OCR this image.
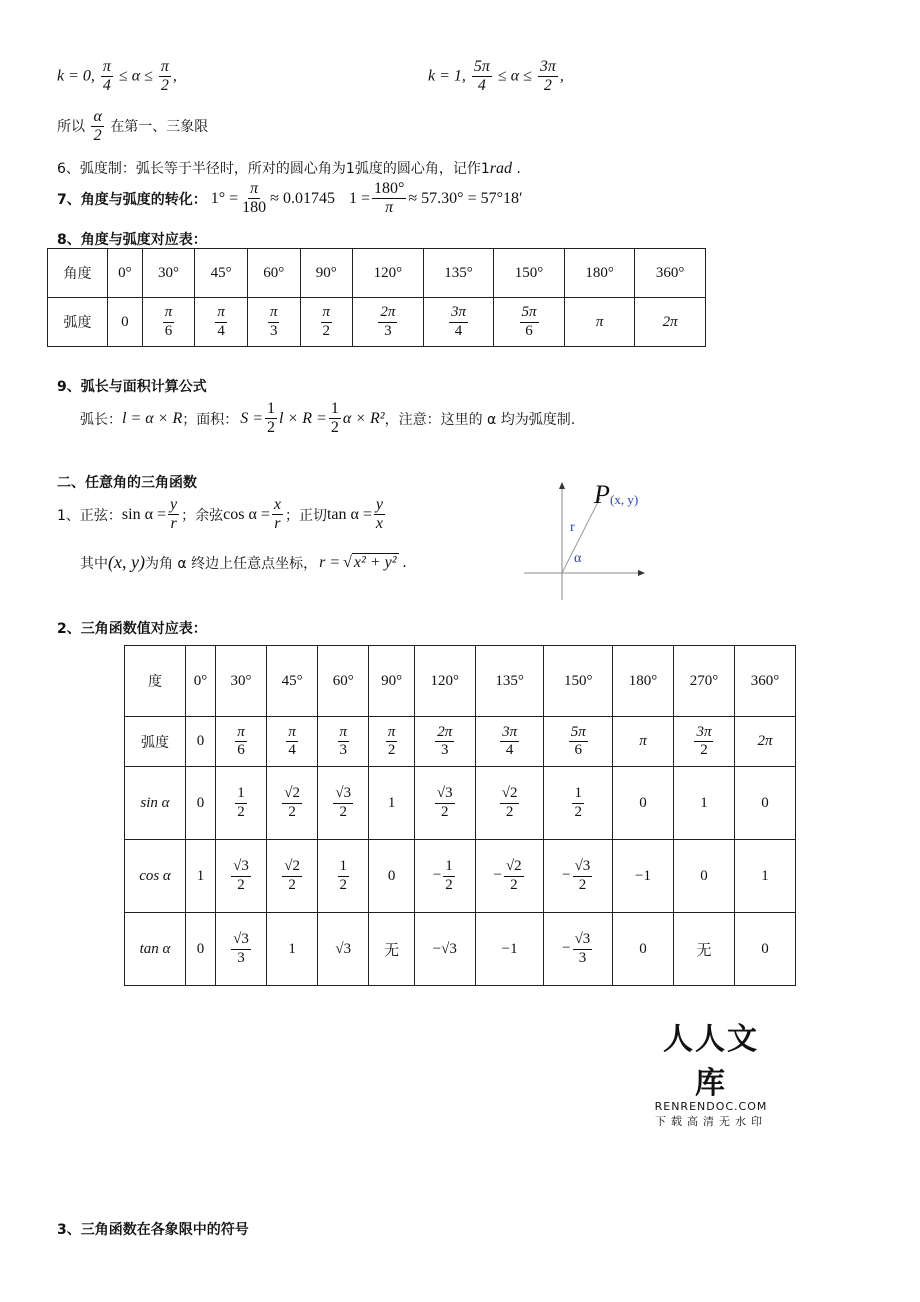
k = 0, $\frac{\pi}{4} \le \alpha \le \frac{\pi}{2}$ ,	k = 1, $\frac{5\pi}{4} \le \alpha \le \frac{3\pi}{2}$ ,
所以 $\frac{\alpha}{2}$ 在第一、三象限
6、弧度制：弧长等于半径时，所对的圆心角为1弧度的圆心角，记作1rad .
7、角度与弧度的转化： $1^\circ = \frac{\pi}{180} \approx 0.01745$ $1 = \frac{180^\circ}{\pi} \approx 57.30^\circ = 57^\circ 18'$
8、角度与弧度对应表：
角度	0°	30°	45°	60°	90°	120°	135°	150°	180°	360°
弧度	0	$\frac{\pi}{6}$	$\frac{\pi}{4}$	$\frac{\pi}{3}$	$\frac{\pi}{2}$	$\frac{2\pi}{3}$	$\frac{3\pi}{4}$	$\frac{5\pi}{6}$	π	2π
9、弧长与面积计算公式
弧长： l = α × R ；面积： $S = \frac{1}{2}$ $l \times R = \frac{1}{2}$ α × R² ，注意：这里的 α 均为弧度制.
二、任意角的三角函数
1、正弦： $\sin \alpha = \frac{y}{r}$ ；余弦 $\cos \alpha = \frac{x}{r}$ ；正切 $\tan \alpha = \frac{y}{x}$
其中 (x, y) 为角 α 终边上任意点坐标， r = √ x² + y² .
P (x, y)
r
α
2、三角函数值对应表：
度	0°	30°	45°	60°	90°	120°	135°	150°	180°	270°	360°
弧度	0	$\frac{\pi}{6}$	$\frac{\pi}{4}$	$\frac{\pi}{3}$	$\frac{\pi}{2}$	$\frac{2\pi}{3}$	$\frac{3\pi}{4}$	$\frac{5\pi}{6}$	π	$\frac{3\pi}{2}$	2π
sin α	0	$\frac{1}{2}$	$\frac{√2}{2}$	$\frac{√3}{2}$	1	$\frac{√3}{2}$	$\frac{√2}{2}$	$\frac{1}{2}$	0	1	0
cos α	1	$\frac{√3}{2}$	$\frac{√2}{2}$	$\frac{1}{2}$	0	− $\frac{1}{2}$	− $\frac{√2}{2}$	− $\frac{√3}{2}$	−1	0	1
tan α	0	$\frac{√3}{3}$	1	√3	无	−√3	−1	− $\frac{√3}{3}$	0	无	0
人人文库
RENRENDOC.COM
下载高清无水印
3、三角函数在各象限中的符号
